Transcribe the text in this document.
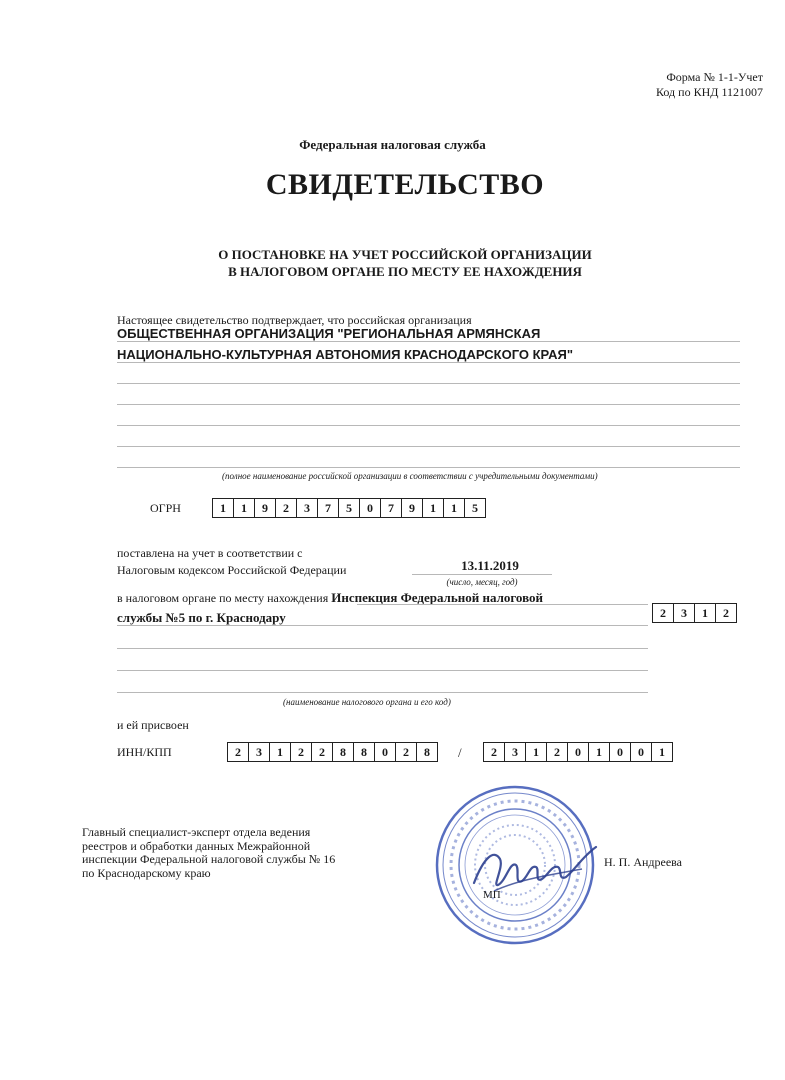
Форма № 1-1-Учет
Код по КНД 1121007
Федеральная налоговая служба
СВИДЕТЕЛЬСТВО
О ПОСТАНОВКЕ НА УЧЕТ РОССИЙСКОЙ ОРГАНИЗАЦИИ
В НАЛОГОВОМ ОРГАНЕ ПО МЕСТУ ЕЕ НАХОЖДЕНИЯ
Настоящее свидетельство подтверждает, что российская организация
ОБЩЕСТВЕННАЯ ОРГАНИЗАЦИЯ "РЕГИОНАЛЬНАЯ АРМЯНСКАЯ
НАЦИОНАЛЬНО-КУЛЬТУРНАЯ АВТОНОМИЯ КРАСНОДАРСКОГО КРАЯ"
(полное наименование российской организации в соответствии с учредительными документами)
ОГРН	1	1	9	2	3	7	5	0	7	9	1	1	5
поставлена на учет в соответствии с
Налоговым кодексом Российской Федерации	13.11.2019
(число, месяц, год)
в налоговом органе по месту нахождения Инспекция Федеральной налоговой
службы №5 по г. Краснодару	2	3	1	2
(наименование налогового органа и его код)
и ей присвоен
ИНН/КПП	2	3	1	2	2	8	8	0	2	8	/	2	3	1	2	0	1	0	0	1
Главный специалист-эксперт отдела ведения
реестров и обработки данных Межрайонной
инспекции Федеральной налоговой службы № 16
по Краснодарскому краю
МП
Н. П. Андреева
